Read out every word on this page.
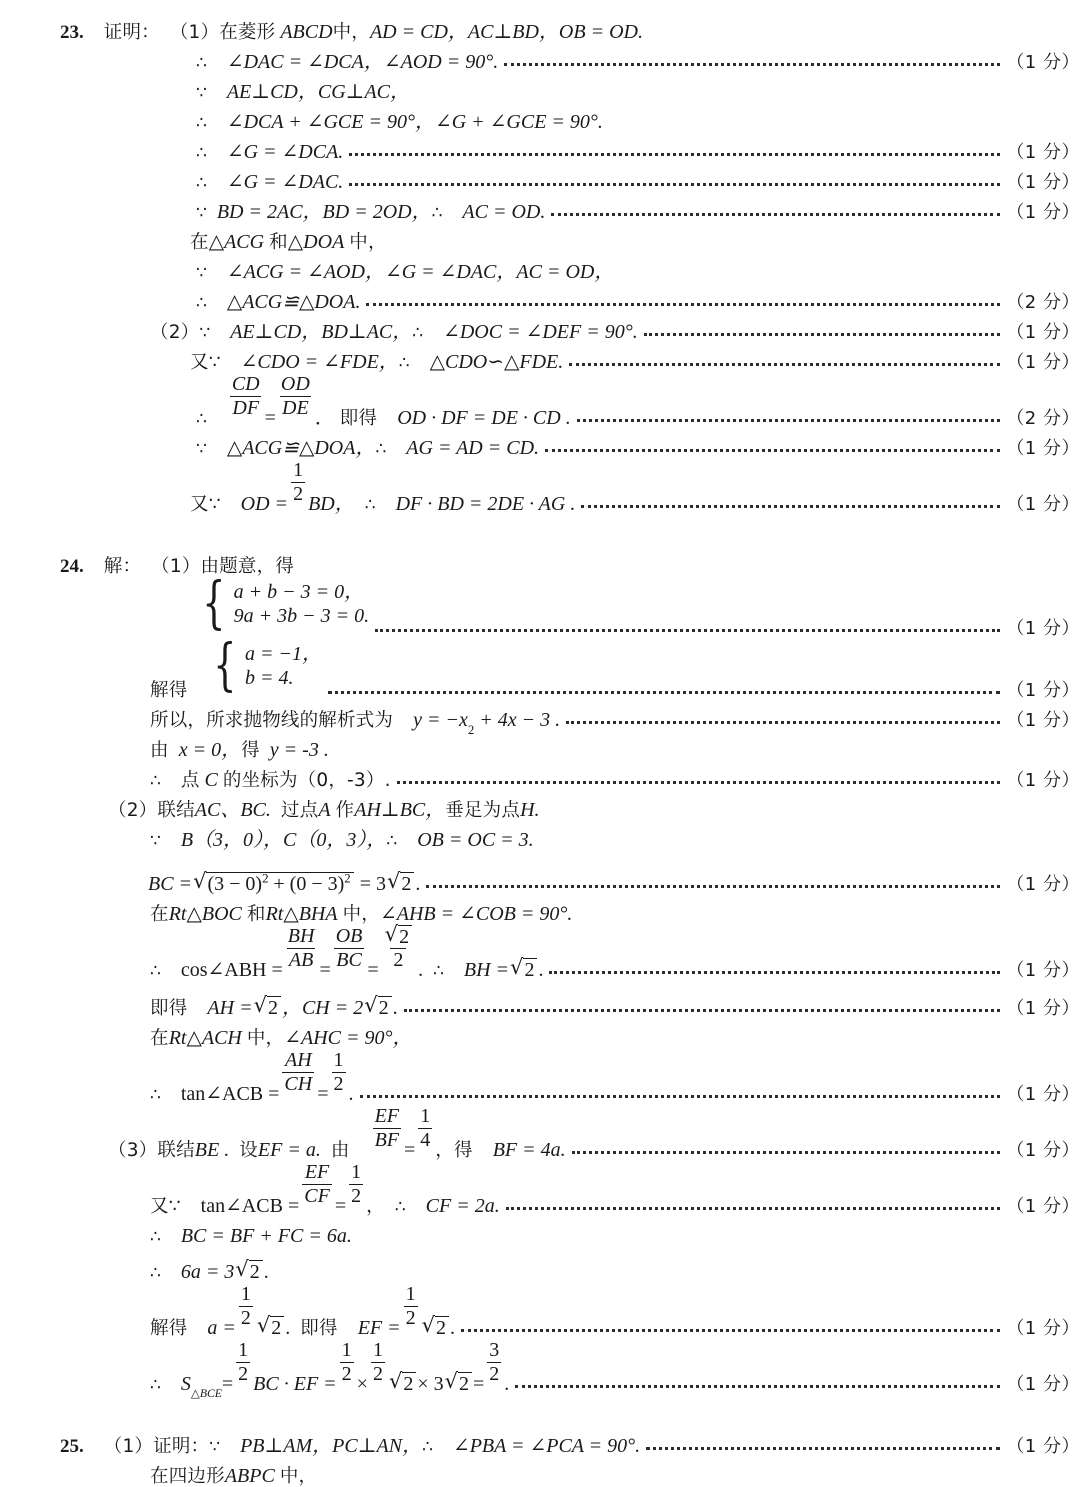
23. 证明： （1） 在菱形 ABCD 中， AD = CD，AC⊥BD，OB = OD.
∴ ∠DAC = ∠DCA，∠AOD = 90°.	（1 分）
∵ AE⊥CD，CG⊥AC，
∴ ∠DCA + ∠GCE = 90°，∠G + ∠GCE = 90°.
∴ ∠G = ∠DCA.	（1 分）
∴ ∠G = ∠DAC.	（1 分）
∵ BD = 2AC，BD = 2OD， ∴ AC = OD.	（1 分）
在 △ACG 和 △DOA 中，
∵ ∠ACG = ∠AOD，∠G = ∠DAC，AC = OD，
∴ △ACG≌△DOA.	（2 分）
（2） ∵ AE⊥CD，BD⊥AC， ∴ ∠DOC = ∠DEF = 90°.	（1 分）
又∵ ∠CDO = ∠FDE， ∴ △CDO∽△FDE.	（1 分）
∴
$\frac{CD}{DF} = \frac{OD}{DE}$ ． 即得 OD · DF = DE · CD .	（2 分）
∵ △ACG≌△DOA， ∴ AG = AD = CD.	（1 分）
又∵ OD = $\frac{1}{2}$ BD， ∴ DF · BD = 2DE · AG .	（1 分）
24. 解： （1） 由题意，得
{ a + b − 3 = 0，
9a + 3b − 3 = 0.
（1 分）
解得 { a = −1，
b = 4.
（1 分）
所以，所求抛物线的解析式为 y = −x 2 + 4x − 3 .	（1 分）
由 x = 0， 得 y = -3 .
∴ 点 C 的坐标为（0，-3）.	（1 分）
（2） 联结 AC、BC. 过点 A 作 AH⊥BC， 垂足为点 H.
∵ B（3，0），C（0，3）， ∴ OB = OC = 3.
BC = √ $(3 - 0)^2 + (0 - 3)^2 = 3$ √ 2 .	（1 分）
在 Rt△BOC 和 Rt△BHA 中， ∠AHB = ∠COB = 90°.
∴ cos∠ABH = $\frac{BH}{AB} = \frac{OB}{BC} = \frac{√ 2}{2}$ . ∴ BH = √ 2 .	（1 分）
即得 AH = √ 2 ，CH = 2 √ 2 .	（1 分）
在 Rt△ACH 中， ∠AHC = 90°，
∴ tan∠ACB = $\frac{AH}{CH} = \frac{1}{2}$ .	（1 分）
（3） 联结 BE . 设 EF = a. 由 $\frac{EF}{BF} = \frac{1}{4}$ ， 得 BF = 4a.	（1 分）
又∵ tan∠ACB = $\frac{EF}{CF} = \frac{1}{2}$ ， ∴ CF = 2a.	（1 分）
∴ BC = BF + FC = 6a.
∴ 6a = 3 √ 2 .
解得 $a = \frac{1}{2}$ √ 2 . 即得 EF = $\frac{1}{2}$ √ 2 .	（1 分）
∴ S △BCE = $\frac{1}{2}$ BC · EF = $\frac{1}{2} \times \frac{1}{2}$ √ 2 × 3 √ $2 = \frac{3}{2}$ .	（1 分）
25. （1） 证明： ∵ PB⊥AM，PC⊥AN， ∴ ∠PBA = ∠PCA = 90°.	（1 分）
在四边形 ABPC 中，
